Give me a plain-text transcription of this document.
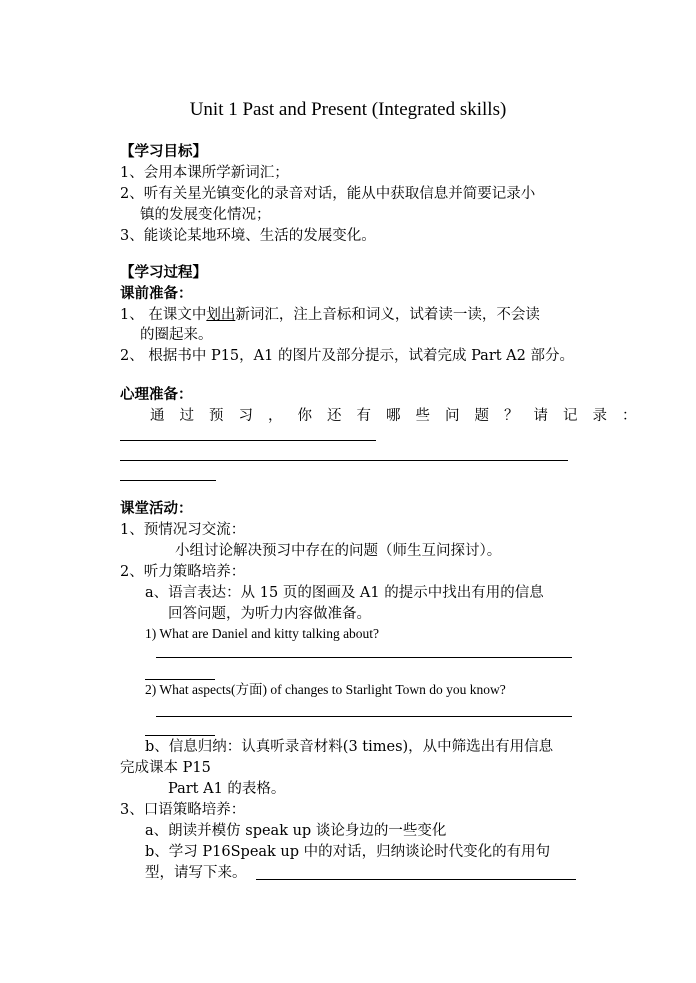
Unit 1 Past and Present (Integrated skills)
【学习目标】
1、会用本课所学新词汇；
2、听有关星光镇变化的录音对话，能从中获取信息并简要记录小
镇的发展变化情况；
3、能谈论某地环境、生活的发展变化。
【学习过程】
课前准备：
1、 在课文中划出新词汇，注上音标和词义，试着读一读，不会读
的圈起来。
2、 根据书中 P15，A1 的图片及部分提示，试着完成 Part A2 部分。
心理准备：
通过预习，你还有哪些问题？请记录：
课堂活动：
1、预情况习交流：
小组讨论解决预习中存在的问题（师生互问探讨）。
2、听力策略培养：
a、语言表达：从 15 页的图画及 A1 的提示中找出有用的信息
回答问题，为听力内容做准备。
1) What are Daniel and kitty talking about?
2) What aspects(方面) of changes to Starlight Town do you know?
b、信息归纳：认真听录音材料(3 times)，从中筛选出有用信息
完成课本 P15
Part A1 的表格。
3、口语策略培养：
a、朗读并模仿 speak up 谈论身边的一些变化
b、学习 P16Speak up 中的对话，归纳谈论时代变化的有用句
型，请写下来。
